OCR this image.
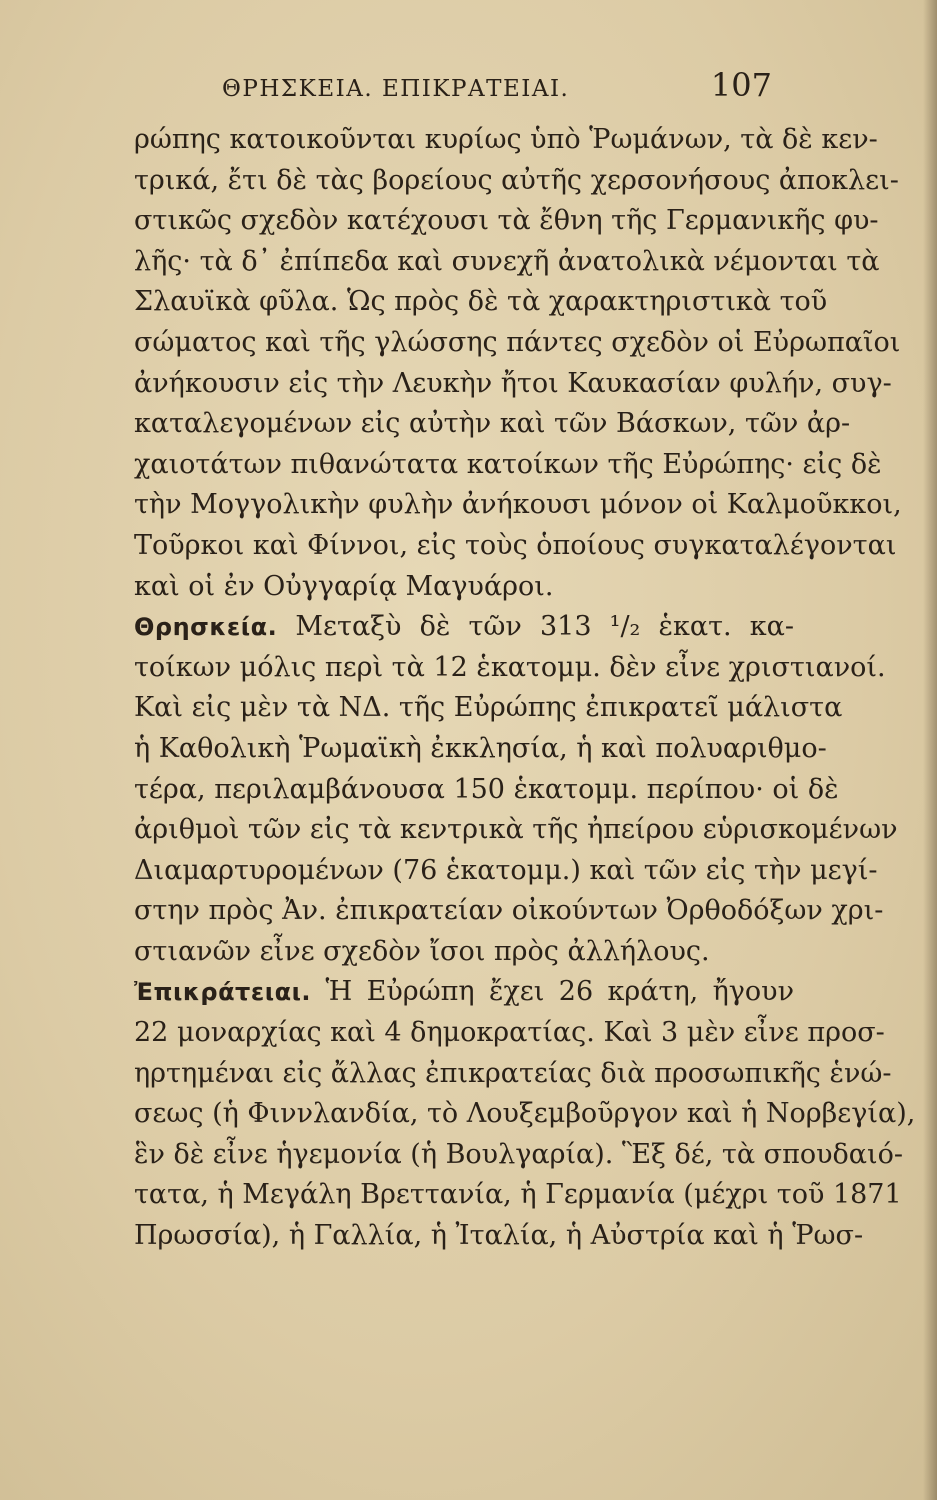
ΘΡΗΣΚΕΙΑ. ΕΠΙΚΡΑΤΕΙΑΙ.	107

ρώπης κατοικοῦνται κυρίως ὑπὸ Ῥωμάνων, τὰ δὲ κεν-
τρικά, ἔτι δὲ τὰς βορείους αὐτῆς χερσονήσους ἀποκλει-
στικῶς σχεδὸν κατέχουσι τὰ ἔθνη τῆς Γερμανικῆς φυ-
λῆς· τὰ δ᾽ ἐπίπεδα καὶ συνεχῆ ἀνατολικὰ νέμονται τὰ
Σλαυϊκὰ φῦλα. Ὡς πρὸς δὲ τὰ χαρακτηριστικὰ τοῦ
σώματος καὶ τῆς γλώσσης πάντες σχεδὸν οἱ Εὐρωπαῖοι
ἀνήκουσιν εἰς τὴν Λευκὴν ἤτοι Καυκασίαν φυλήν, συγ-
καταλεγομένων εἰς αὐτὴν καὶ τῶν Βάσκων, τῶν ἀρ-
χαιοτάτων πιθανώτατα κατοίκων τῆς Εὐρώπης· εἰς δὲ
τὴν Μογγολικὴν φυλὴν ἀνήκουσι μόνον οἱ Καλμοῦκκοι,
Τοῦρκοι καὶ Φίννοι, εἰς τοὺς ὁποίους συγκαταλέγονται
καὶ οἱ ἐν Οὐγγαρίᾳ Μαγυάροι.

Θρησκεία. Μεταξὺ δὲ τῶν 313 ¹/₂ ἑκατ. κα-
τοίκων μόλις περὶ τὰ 12 ἑκατομμ. δὲν εἶνε χριστιανοί.
Καὶ εἰς μὲν τὰ ΝΔ. τῆς Εὐρώπης ἐπικρατεῖ μάλιστα
ἡ Καθολικὴ Ῥωμαϊκὴ ἐκκλησία, ἡ καὶ πολυαριθμο-
τέρα, περιλαμβάνουσα 150 ἑκατομμ. περίπου· οἱ δὲ
ἀριθμοὶ τῶν εἰς τὰ κεντρικὰ τῆς ἠπείρου εὑρισκομένων
Διαμαρτυρομένων (76 ἑκατομμ.) καὶ τῶν εἰς τὴν μεγί-
στην πρὸς Ἀν. ἐπικρατείαν οἰκούντων Ὀρθοδόξων χρι-
στιανῶν εἶνε σχεδὸν ἴσοι πρὸς ἀλλήλους.

Ἐπικράτειαι. Ἡ Εὐρώπη ἔχει 26 κράτη, ἤγουν
22 μοναρχίας καὶ 4 δημοκρατίας. Καὶ 3 μὲν εἶνε προσ-
ηρτημέναι εἰς ἄλλας ἐπικρατείας διὰ προσωπικῆς ἑνώ-
σεως (ἡ Φιννλανδία, τὸ Λουξεμβοῦργον καὶ ἡ Νορβεγία),
ἓν δὲ εἶνε ἡγεμονία (ἡ Βουλγαρία). Ἓξ δέ, τὰ σπουδαιό-
τατα, ἡ Μεγάλη Βρεττανία, ἡ Γερμανία (μέχρι τοῦ 1871
Πρωσσία), ἡ Γαλλία, ἡ Ἰταλία, ἡ Αὐστρία καὶ ἡ Ῥωσ-
